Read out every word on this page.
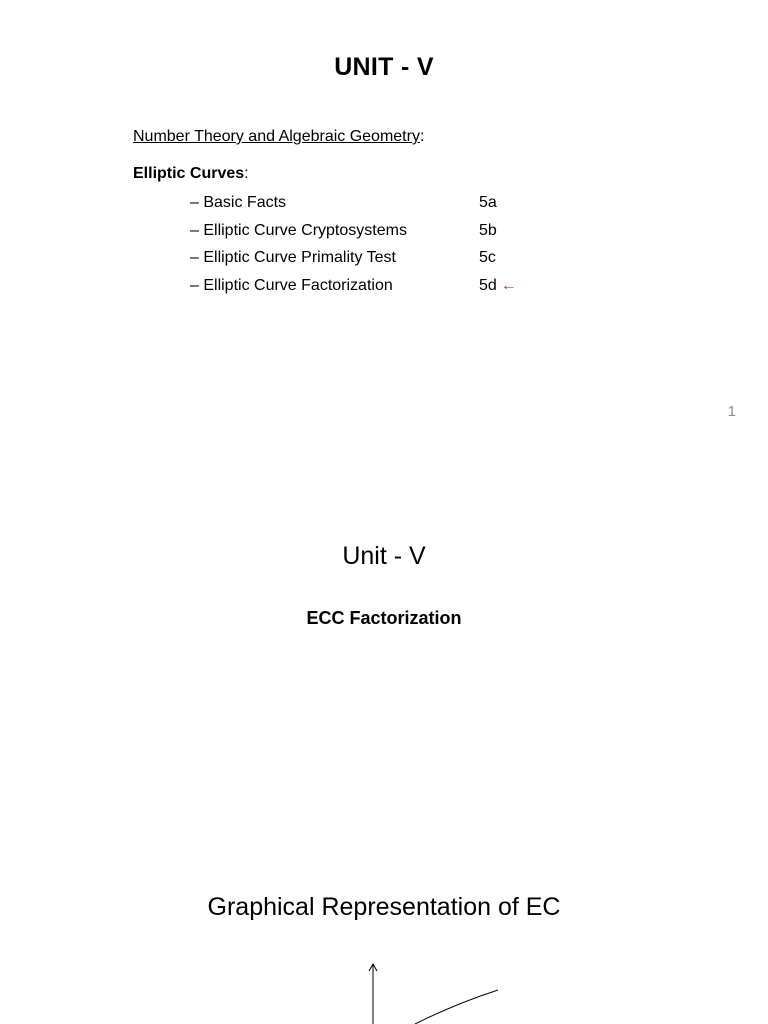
UNIT - V
Number Theory and Algebraic Geometry:
Elliptic Curves:
– Basic Facts	5a
– Elliptic Curve Cryptosystems	5b
– Elliptic Curve Primality Test	5c
– Elliptic Curve Factorization	5d ←
1
Unit - V
ECC Factorization
Graphical Representation of EC
